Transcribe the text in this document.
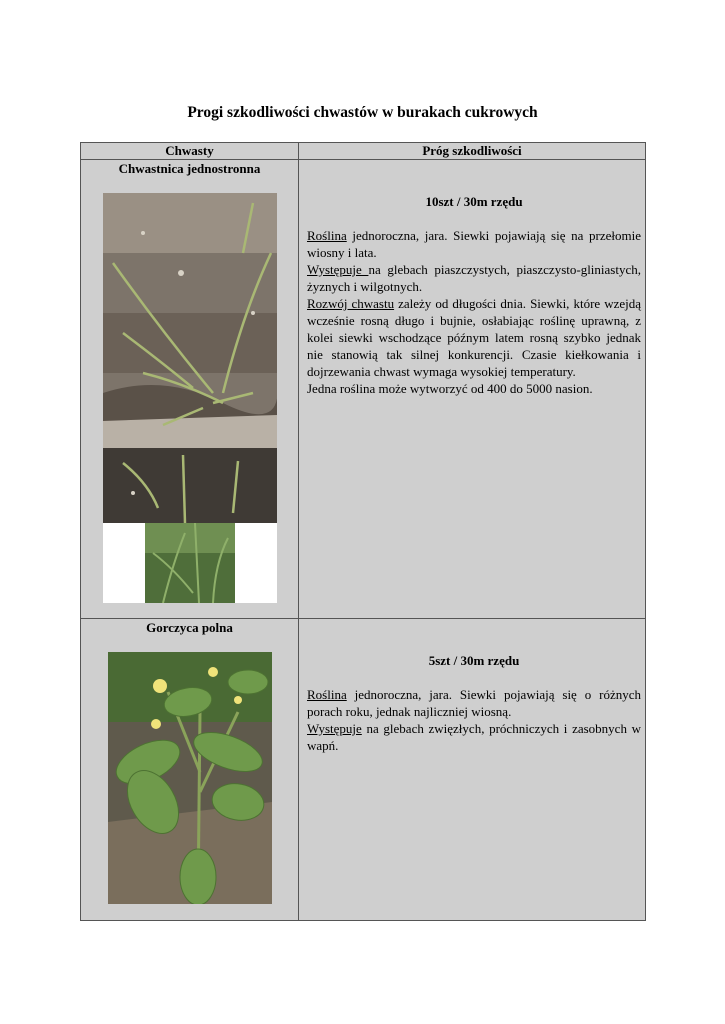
Progi szkodliwości chwastów w burakach cukrowych
Chwasty	Próg szkodliwości

Chwastnica jednostronna	10szt / 30m rzędu

Roślina jednoroczna, jara. Siewki pojawiają się na przełomie wiosny i lata.

Występuje na glebach piaszczystych, piaszczysto-gliniastych, żyznych i wilgotnych.

Rozwój chwastu zależy od długości dnia. Siewki, które wzejdą wcześnie rosną długo i bujnie, osłabiając roślinę uprawną, z kolei siewki wschodzące późnym latem rosną szybko jednak nie stanowią tak silnej konkurencji. Czasie kiełkowania i dojrzewania chwast wymaga wysokiej temperatury.

Jedna roślina może wytworzyć od 400 do 5000 nasion.

Gorczyca polna	5szt / 30m rzędu

Roślina jednoroczna, jara. Siewki pojawiają się o różnych porach roku, jednak najliczniej wiosną.

Występuje na glebach zwięzłych, próchniczych i zasobnych w wapń.
